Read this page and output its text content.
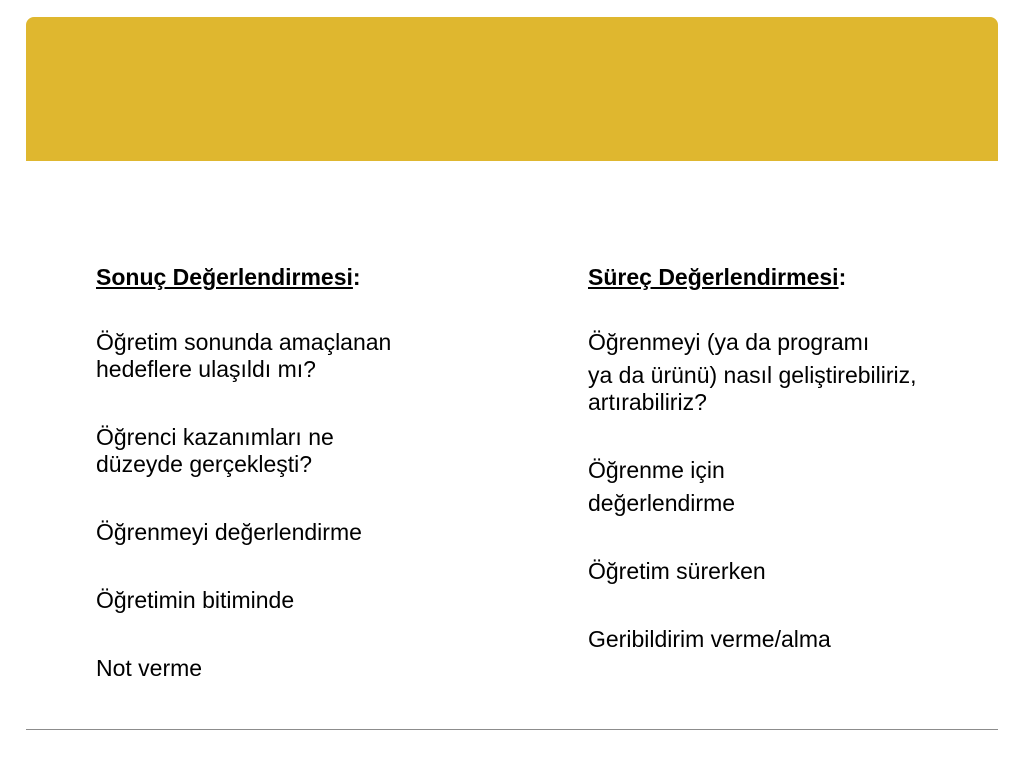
Sonuç Değerlendirmesi:

Öğretim sonunda amaçlanan hedeflere ulaşıldı mı?

Öğrenci kazanımları ne düzeyde gerçekleşti?

Öğrenmeyi değerlendirme

Öğretimin bitiminde

Not verme

Süreç Değerlendirmesi:

Öğrenmeyi (ya da programı

ya da ürünü) nasıl geliştirebiliriz, artırabiliriz?

Öğrenme için

değerlendirme

Öğretim sürerken

Geribildirim verme/alma
